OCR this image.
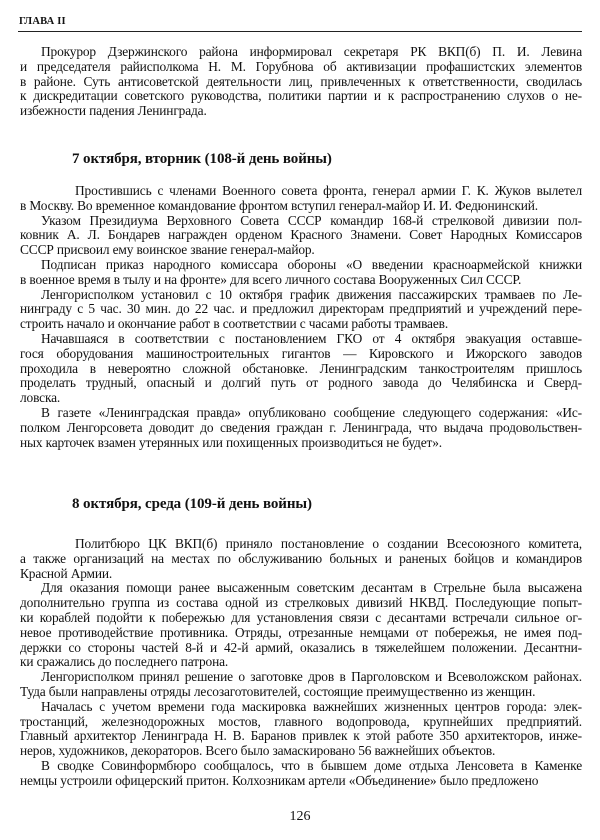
ГЛАВА II
Прокурор Дзержинского района информировал секретаря РК ВКП(б) П. И. Левина
и председателя райисполкома Н. М. Горубнова об активизации профашистских элементов
в районе. Суть антисоветской деятельности лиц, привлеченных к ответственности, сводилась
к дискредитации советского руководства, политики партии и к распространению слухов о не-
избежности падения Ленинграда.
7 октября, вторник (108-й день войны)
Простившись с членами Военного совета фронта, генерал армии Г. К. Жуков вылетел
в Москву. Во временное командование фронтом вступил генерал-майор И. И. Федюнинский.
Указом Президиума Верховного Совета СССР командир 168-й стрелковой дивизии пол-
ковник А. Л. Бондарев награжден орденом Красного Знамени. Совет Народных Комиссаров
СССР присвоил ему воинское звание генерал-майор.
Подписан приказ народного комиссара обороны «О введении красноармейской книжки
в военное время в тылу и на фронте» для всего личного состава Вооруженных Сил СССР.
Ленгорисполком установил с 10 октября график движения пассажирских трамваев по Ле-
нинграду с 5 час. 30 мин. до 22 час. и предложил директорам предприятий и учреждений пере-
строить начало и окончание работ в соответствии с часами работы трамваев.
Начавшаяся в соответствии с постановлением ГКО от 4 октября эвакуация оставше-
гося оборудования машиностроительных гигантов — Кировского и Ижорского заводов
проходила в невероятно сложной обстановке. Ленинградским танкостроителям пришлось
проделать трудный, опасный и долгий путь от родного завода до Челябинска и Сверд-
ловска.
В газете «Ленинградская правда» опубликовано сообщение следующего содержания: «Ис-
полком Ленгорсовета доводит до сведения граждан г. Ленинграда, что выдача продовольствен-
ных карточек взамен утерянных или похищенных производиться не будет».
8 октября, среда (109-й день войны)
Политбюро ЦК ВКП(б) приняло постановление о создании Всесоюзного комитета,
а также организаций на местах по обслуживанию больных и раненых бойцов и командиров
Красной Армии.
Для оказания помощи ранее высаженным советским десантам в Стрельне была высажена
дополнительно группа из состава одной из стрелковых дивизий НКВД. Последующие попыт-
ки кораблей подойти к побережью для установления связи с десантами встречали сильное ог-
невое противодействие противника. Отряды, отрезанные немцами от побережья, не имея под-
держки со стороны частей 8-й и 42-й армий, оказались в тяжелейшем положении. Десантни-
ки сражались до последнего патрона.
Ленгорисполком принял решение о заготовке дров в Парголовском и Всеволожском районах.
Туда были направлены отряды лесозаготовителей, состоящие преимущественно из женщин.
Началась с учетом времени года маскировка важнейших жизненных центров города: элек-
тростанций, железнодорожных мостов, главного водопровода, крупнейших предприятий.
Главный архитектор Ленинграда Н. В. Баранов привлек к этой работе 350 архитекторов, инже-
неров, художников, декораторов. Всего было замаскировано 56 важнейших объектов.
В сводке Совинформбюро сообщалось, что в бывшем доме отдыха Ленсовета в Каменке
немцы устроили офицерский притон. Колхозникам артели «Объединение» было предложено
126
